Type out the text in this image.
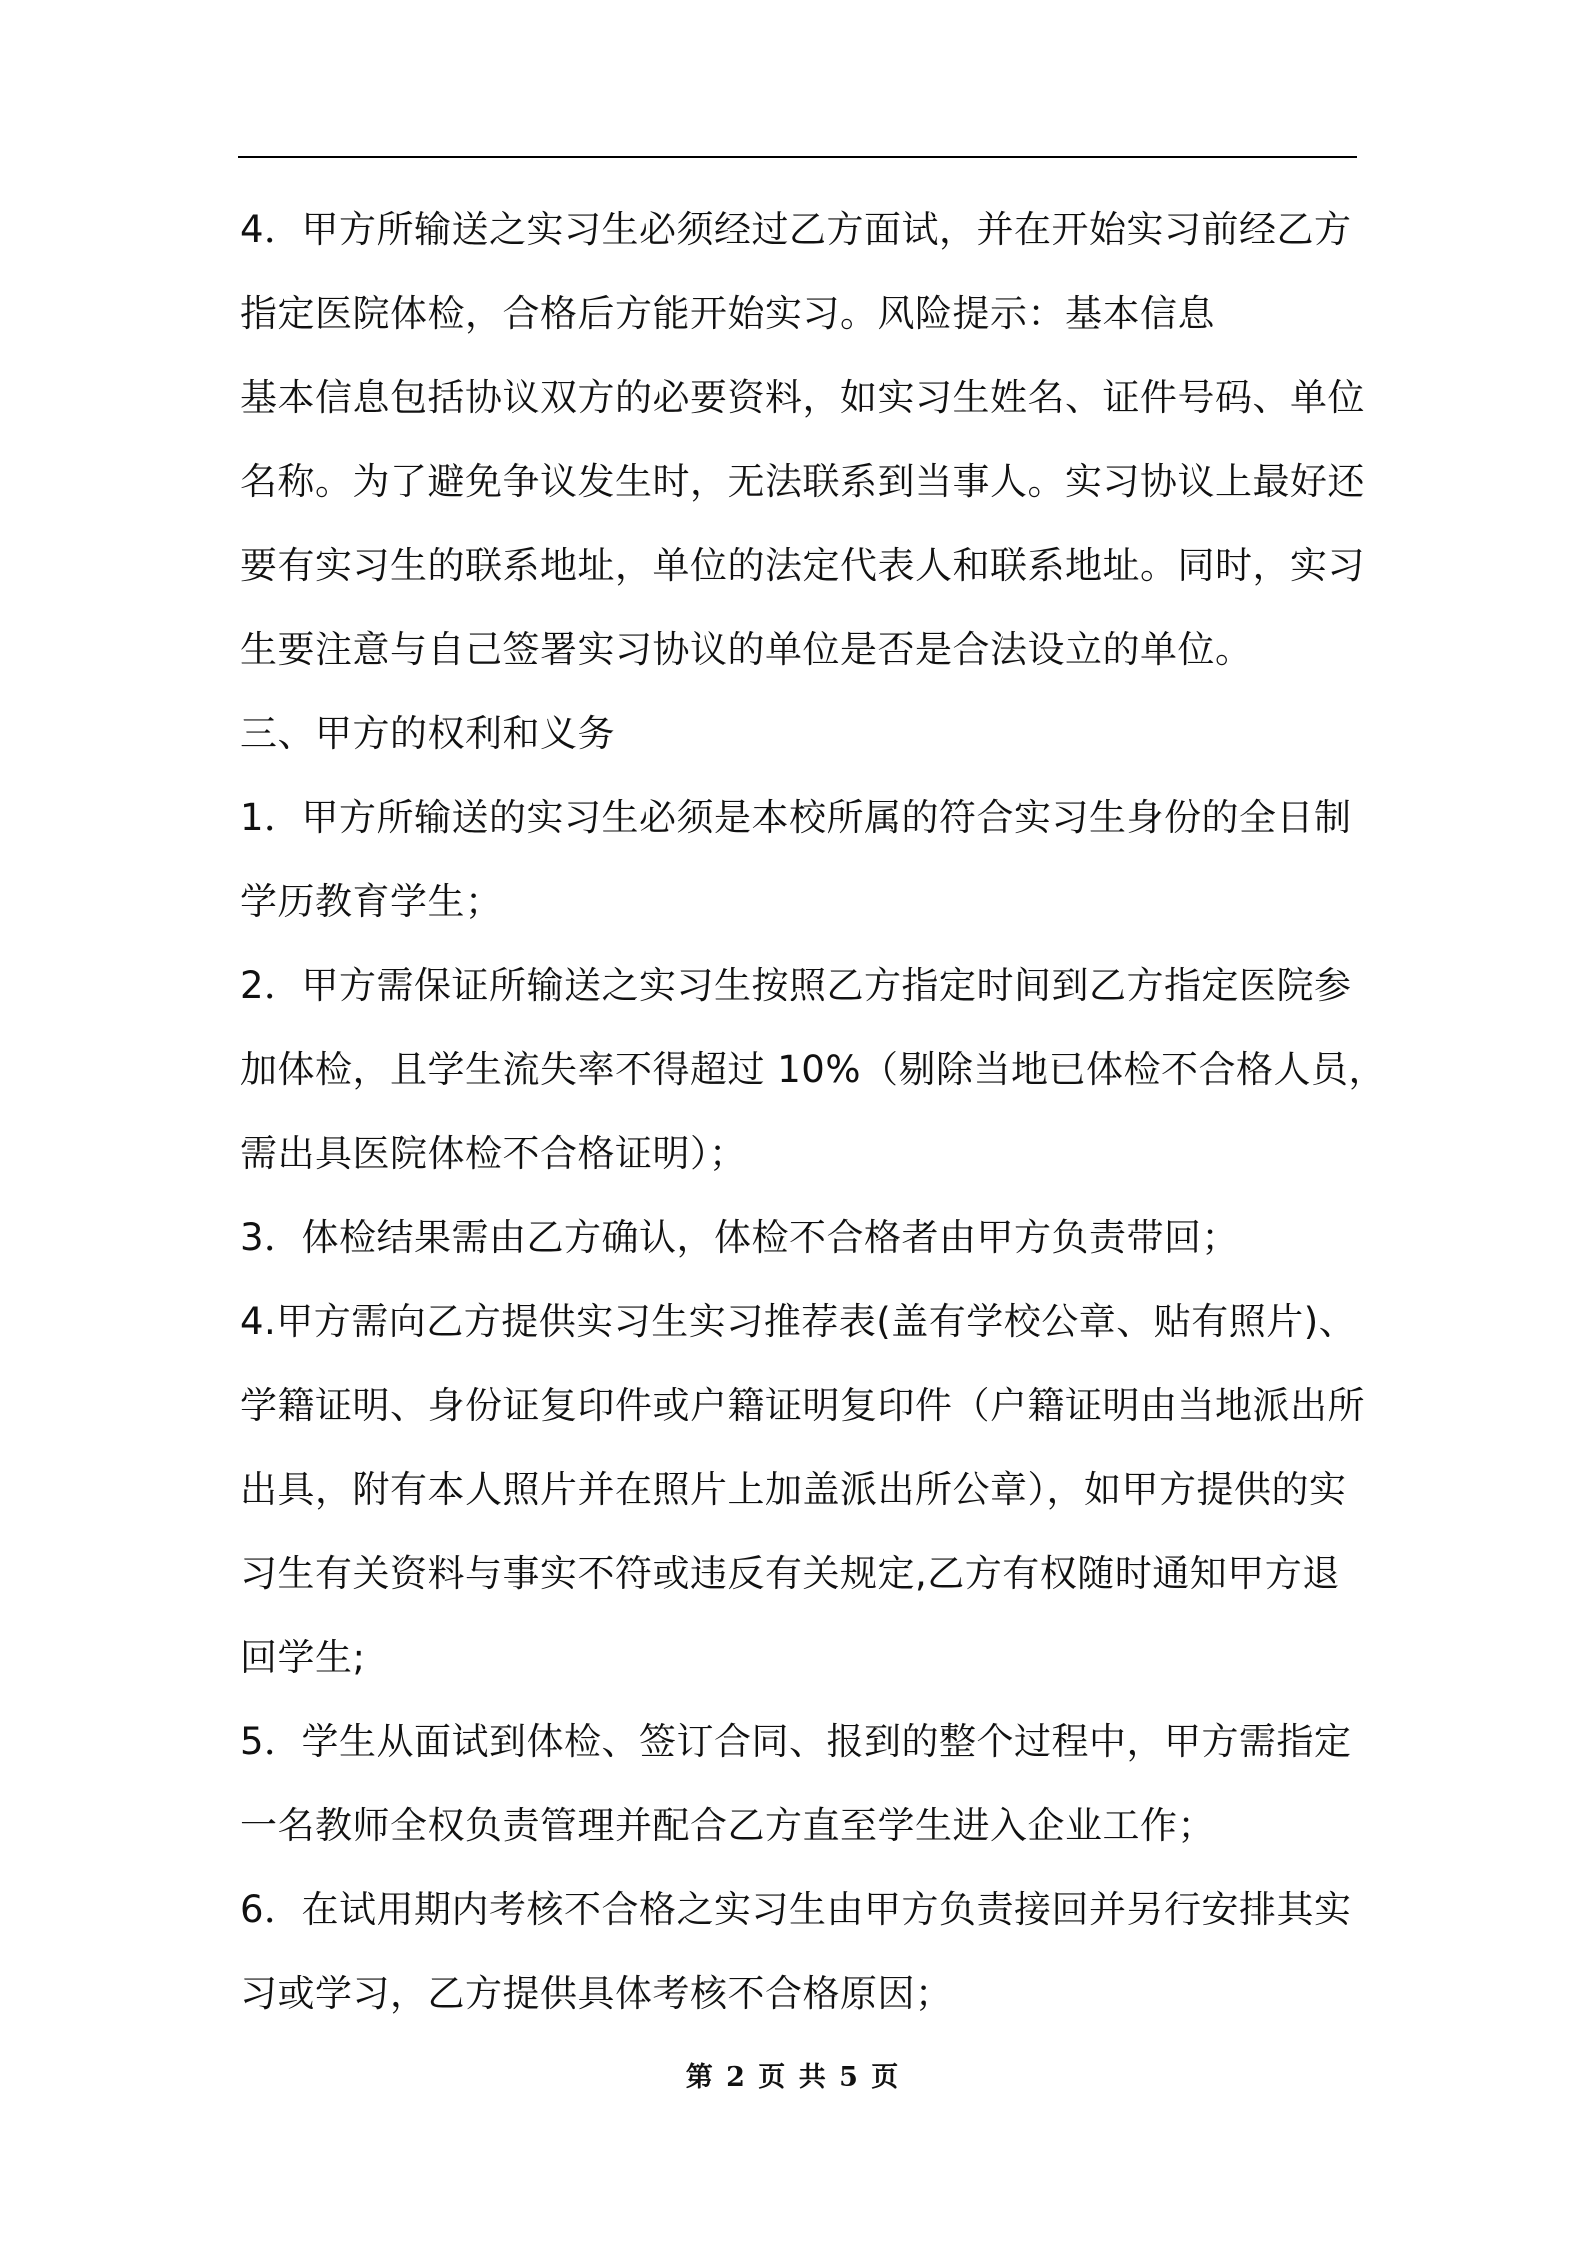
4．甲方所输送之实习生必须经过乙方面试，并在开始实习前经乙方
指定医院体检，合格后方能开始实习。风险提示：基本信息
基本信息包括协议双方的必要资料，如实习生姓名、证件号码、单位
名称。为了避免争议发生时，无法联系到当事人。实习协议上最好还
要有实习生的联系地址，单位的法定代表人和联系地址。同时，实习
生要注意与自己签署实习协议的单位是否是合法设立的单位。
三、甲方的权利和义务
1．甲方所输送的实习生必须是本校所属的符合实习生身份的全日制
学历教育学生；
2．甲方需保证所输送之实习生按照乙方指定时间到乙方指定医院参
加体检，且学生流失率不得超过 10%（剔除当地已体检不合格人员，
需出具医院体检不合格证明）；
3．体检结果需由乙方确认，体检不合格者由甲方负责带回；
4.甲方需向乙方提供实习生实习推荐表(盖有学校公章、贴有照片)、
学籍证明、身份证复印件或户籍证明复印件（户籍证明由当地派出所
出具，附有本人照片并在照片上加盖派出所公章），如甲方提供的实
习生有关资料与事实不符或违反有关规定,乙方有权随时通知甲方退
回学生;
5．学生从面试到体检、签订合同、报到的整个过程中，甲方需指定
一名教师全权负责管理并配合乙方直至学生进入企业工作；
6．在试用期内考核不合格之实习生由甲方负责接回并另行安排其实
习或学习，乙方提供具体考核不合格原因；
第 2 页 共 5 页
